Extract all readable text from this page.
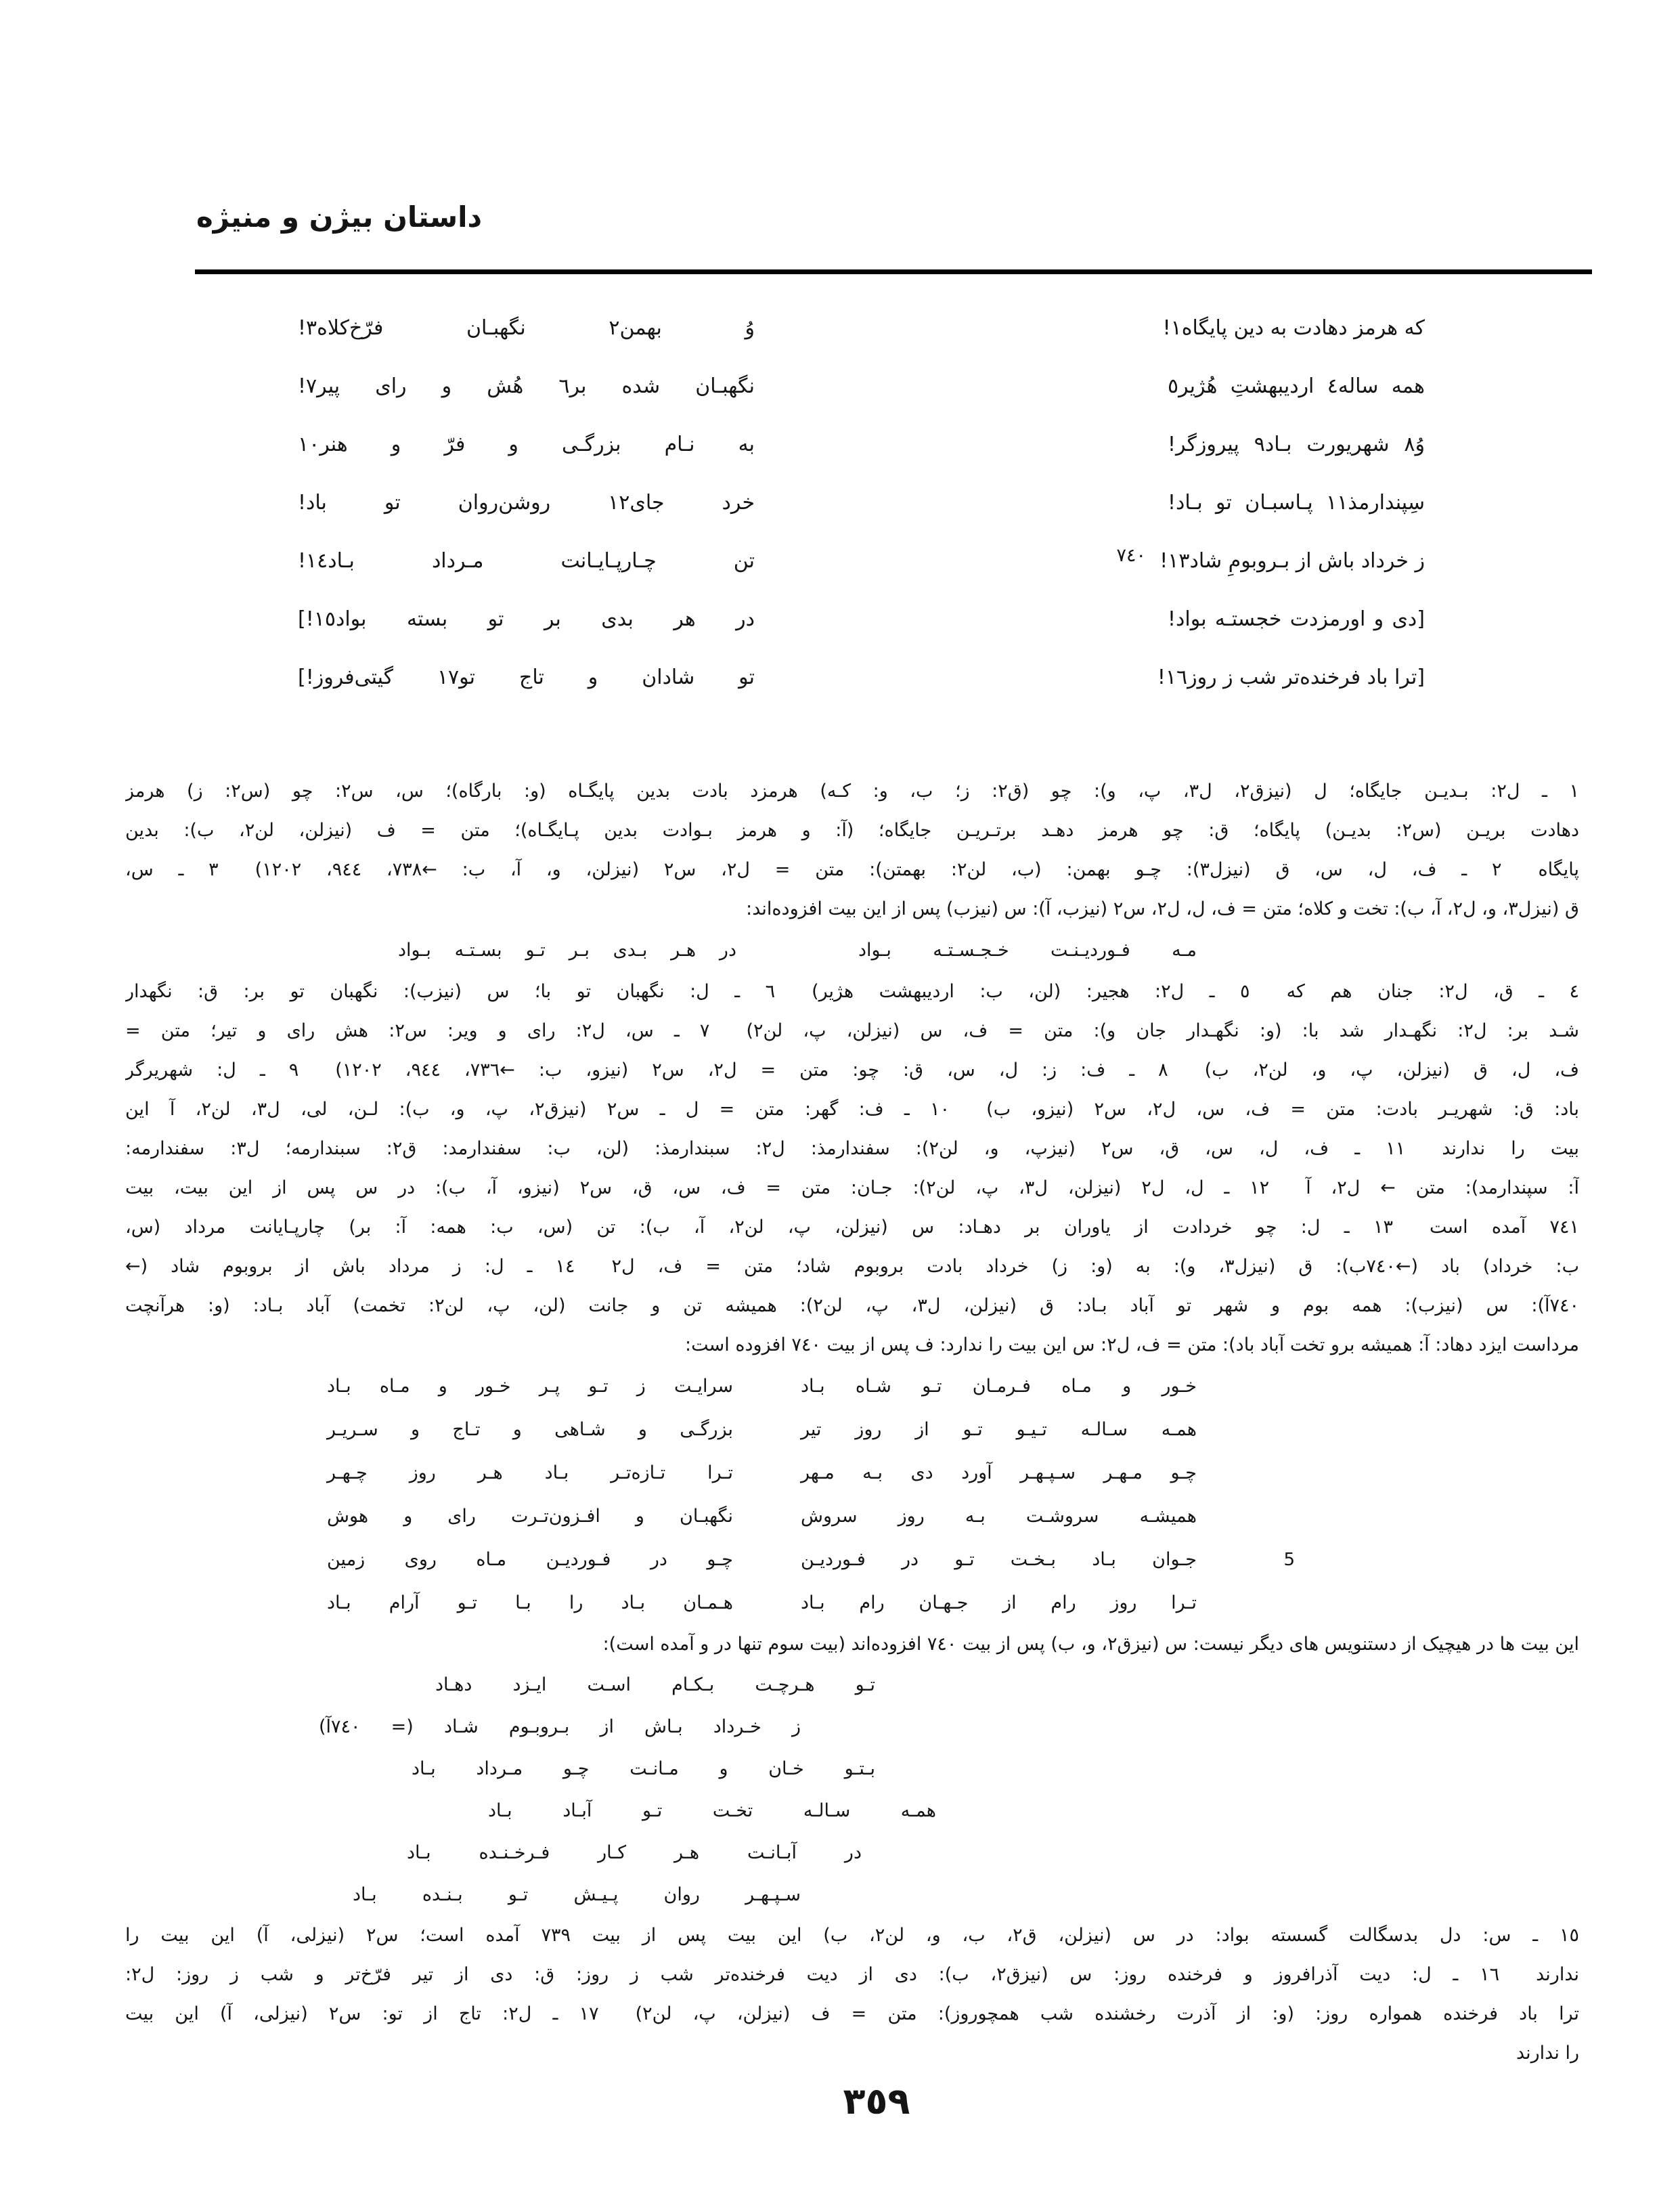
داستان بیژن و منیژه
که هرمز دهادت به دین پایگاه١!
وُ بهمن٢ نگهبـان فرّخ‌کلاه٣!
همه ساله٤ اردیبهشتِ هُژیر٥
نگهبـان شده بر٦ هُش و رای پیر٧!
وُ٨ شهریورت بـاد٩ پیروزگر!
به نـام بزرگـی و فرّ و هنر١٠
سِپندارمذ١١ پـاسبـان تو بـاد!
خرد جای١٢ روشن‌روان تو باد!
٧٤٠ ز خرداد باش از بـروبومِ شاد١٣!
تن چـارپـایـانت مـرداد بـاد١٤!
[دی و اورمزدت خجستـه بواد!
در هر بدی بر تو بسته بواد١٥!]
[ترا باد فرخنده‌تر شب ز روز١٦!
تو شادان و تاج تو١٧ گیتی‌فروز!]
١ ـ ل٢: بـدیـن جایگاه؛ ل (نیزق٢، ل٣، پ، و): چو (ق٢: ز؛ ب، و: کـه) هرمزد بادت بدین پایگـاه (و: بارگاه)؛ س، س٢: چو (س٢: ز) هرمز
دهادت بریـن (س٢: بدیـن) پایگاه؛ ق: چو هرمز دهـد برتـریـن جایگاه؛ (آ: و هرمز بـوادت بدین پـایگـاه)؛ متن = ف (نیزلن، لن٢، ب): بدین
پایگاه  ٢ ـ ف، ل، س، ق (نیزل٣): چـو بهمن: (ب، لن٢: بهمتن): متن = ل٢، س٢ (نیزلن، و، آ، ب: ←٧٣٨، ٩٤٤، ١٢٠٢)  ٣ ـ س،
ق (نیزل٣، و، ل٢، آ، ب): تخت و کلاه؛ متن = ف، ل، ل٢، س٢ (نیزب، آ): س (نیزب) پس از این بیت افزوده‌اند:
مـه فـوردیـنـت خـجـسـتـه بـواد
در هـر بـدی بـر تـو بسـتـه بـواد
٤ ـ ق، ل٢: جنان هم که  ٥ ـ ل٢: هجیر: (لن، ب: اردیبهشت هژیر)  ٦ ـ ل: نگهبان تو با؛ س (نیزب): نگهبان تو بر: ق: نگهدار
شـد بر: ل٢: نگهـدار شد با: (و: نگهـدار جان و): متن = ف، س (نیزلن، پ، لن٢)  ٧ ـ س، ل٢: رای و ویر: س٢: هش رای و تیر؛ متن =
ف، ل، ق (نیزلن، پ، و، لن٢، ب)  ٨ ـ ف: ز: ل، س، ق: چو: متن = ل٢، س٢ (نیزو، ب: ←٧٣٦، ٩٤٤، ١٢٠٢)  ٩ ـ ل: شهریرگر
باد: ق: شهریـر بادت: متن = ف، س، ل٢، س٢ (نیزو، ب)  ١٠ ـ ف: گهر: متن = ل ـ س٢ (نیزق٢، پ، و، ب): لـن، لی، ل٣، لن٢، آ این
بیت را ندارند  ١١ ـ ف، ل، س، ق، س٢ (نیزپ، و، لن٢): سفندارمذ: ل٢: سبندارمذ: (لن، ب: سفندارمد: ق٢: سبندارمه؛ ل٣: سفندارمه:
آ: سپندارمد): متن ← ل٢، آ  ١٢ ـ ل، ل٢ (نیزلن، ل٣، پ، لن٢): جـان: متن = ف، س، ق، س٢ (نیزو، آ، ب): در س پس از این بیت، بیت
٧٤١ آمده است  ١٣ ـ ل: چو خردادت از یاوران بر دهـاد: س (نیزلن، پ، لن٢، آ، ب): تن (س، ب: همه: آ: بر) چارپـایانت مرداد (س،
ب: خرداد) باد (←٧٤٠ب): ق (نیزل٣، و): به (و: ز) خرداد بادت بروبوم شاد؛ متن = ف، ل٢  ١٤ ـ ل: ز مرداد باش از بروبوم شاد (←
٧٤٠آ): س (نیزب): همه بوم و شهر تو آباد بـاد: ق (نیزلن، ل٣، پ، لن٢): همیشه تن و جانت (لن، پ، لن٢: تخمت) آباد بـاد: (و: هرآنچت
مرداست ایزد دهاد: آ: همیشه برو تخت آباد باد): متن = ف، ل٢: س این بیت را ندارد: ف پس از بیت ٧٤٠ افزوده است:
خـور و مـاه فـرمـان تـو شـاه بـاد
سرایـت ز تـو پـر خـور و مـاه بـاد
همـه سـالـه تـیـو تـو از روز تیر
بزرگـی و شـاهی و تـاج و سـریـر
چـو مـهـر سـپـهـر آورد دی بـه مـهر
تـرا تـازه‌تـر بـاد هـر روز چـهـر
همیشـه سروشـت بـه روز سروش
نگهبـان و افـزون‌تـرت رای و هوش
5
جـوان بـاد بـخـت تـو در فـوردیـن
چـو در فـوردیـن مـاه روی زمین
تـرا روز رام از جـهـان رام بـاد
هـمـان بـاد را بـا تـو آرام بـاد
این بیت ها در هیچیک از دستنویس های دیگر نیست: س (نیزق٢، و، ب) پس از بیت ٧٤٠ افزوده‌اند (بیت سوم تنها در و آمده است):
تـو هـرچـت بـکـام اسـت ایـزد دهـاد
ز خـرداد بـاش از بـروبـوم شـاد (= ٧٤٠آ)
بـتـو خـان و مـانـت چـو مـرداد بـاد
همـه سـالـه تخـت تـو آبـاد بـاد
در آبـانـت هـر کـار فـرخـنـده بـاد
سـپـهـر روان پـیـش تـو بـنـده بـاد
١٥ ـ س: دل بدسگالت گسسته بواد: در س (نیزلن، ق٢، ب، و، لن٢، ب) این بیت پس از بیت ٧٣٩ آمده است؛ س٢ (نیزلی، آ) این بیت را
ندارند  ١٦ ـ ل: دیت آذرافروز و فرخنده روز: س (نیزق٢، ب): دی از دیت فرخنده‌تر شب ز روز: ق: دی از تیر فرّخ‌تر و شب ز روز: ل٢:
ترا باد فرخنده همواره روز: (و: از آذرت رخشنده شب همچوروز): متن = ف (نیزلن، پ، لن٢)  ١٧ ـ ل٢: تاج از تو: س٢ (نیزلی، آ) این بیت
را ندارند
٣٥٩
